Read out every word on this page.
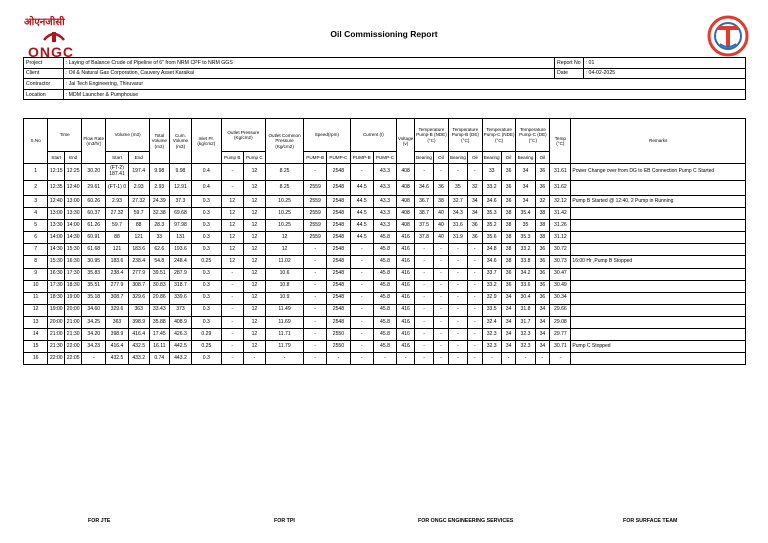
ओएनजीसी
ONGC
Oil Commissioning Report
Project	: Laying of Balance Crude oil Pipeline of 6" from NRM CPF to NRM GGS	Report No	: 01
Client	: Oil & Natural Gas Corporation, Cauvery Asset Karaikal	Date	: 04-02-2025
Contractor	: Jai Tech Engineering, Thiruvarur		
Location	: MDM Launcher & Pumphouse		
S.No	Time		Flow Rate (m3/hr)	Volume (m3)		Total Volume (m3)	Cum. Volume (m3)	Inlet Pr. (kg/cm2)	Outlet Pressure (Kg/cm2)		Outlet Common Pressure (Kg/cm2)	Speed(rpm)		Current (I)		Voltage (v)	Temperature Pump-B (NDE) (°C)		Temperature Pump-B (DE) (°C)		Temperature Pump-C (NDE) (°C)		Temperature Pump-C (DE) (°C)		Temp (°C)	Remarks
	Start	End		Start	End				Pump B	Pump C		PUMP-B	PUMP-C	PUMP-B	PUMP-C		Bearing	Oil	Bearing	Oil	Bearing	Oil	Bearing	Oil		
1	12:15	12:25	30.20	(FT-2) 187.41	197.4	9.98	9.98	0.4	-	12	8.25	-	2548	-	43.3	408	-	-	-	-	33	36	34	36	31.61	Power Change over from DG to EB Connection Pump C Started
2	12:35	12:40	29.61	(FT-1) 0	2.93	2.93	12.91	0.4	-	12	8.25	2559	2548	44.5	43.3	408	34.6	36	35	32	33.2	36	34	36	31.62	
3	12:40	13:00	60.26	2.93	27.32	24.39	37.3	0.3	12	12	10.25	2559	2548	44.5	43.3	408	36.7	38	32.7	34	34.6	36	34	32	32.12	Pump B Started @ 12:40, 2 Pump in Running
4	13:00	13:30	60.37	27.32	59.7	32.38	69.68	0.3	12	12	10.25	2559	2548	44.5	43.3	408	38.7	40	34.3	34	35.3	38	35.4	38	31.42	
5	13:30	14:00	61.26	59.7	88	28.3	97.98	0.3	12	12	10.25	2559	2548	44.5	43.3	408	37.5	40	31.6	36	35.2	38	35	38	31.26	
6	14:00	14:30	60.91	88	121	33	131	0.3	12	12	12	2559	2548	44.5	45.8	416	37.8	40	31.9	36	35.6	38	35.3	38	31.12	
7	14:30	15:30	61.68	121	183.6	62.6	193.6	0.3	12	12	12	-	2548	-	45.8	416	-	-	-	-	34.8	38	33.2	36	30.72	
8	15:30	16:30	30.95	183.6	238.4	54.8	248.4	0.25	12	12	11.02	-	2548	-	45.8	416	-	-	-	-	34.6	38	33.8	36	30.73	16:00 Hr ,Pump B Stopped
9	16:30	17:30	35.83	238.4	277.9	39.51	287.9	0.3	-	12	10.6	-	2548	-	45.8	416	-	-	-	-	33.7	36	34.2	36	30.47	
10	17:30	18:30	35.51	277.9	308.7	30.83	318.7	0.3	-	12	10.8	-	2548	-	45.8	416	-	-	-	-	33.2	36	33.6	36	30.49	
11	18:30	19:00	35.18	308.7	329.6	20.86	339.6	0.3	-	12	10.9	-	2548	-	45.8	416	-	-	-	-	32.9	34	30.4	36	30.34	
12	19:00	20:00	34.60	329.6	363	33.43	373	0.3	-	12	11.49	-	2548	-	45.8	416	-	-	-	-	33.5	34	31.8	34	29.66	
13	20:00	21:00	34.25	363	398.9	35.88	408.9	0.3	-	12	11.69	-	2548	-	45.8	416	-	-	-	-	32.4	34	31.7	34	29.08	
14	21:00	21:30	34.20	398.9	416.4	17.45	426.3	0.29	-	12	11.71	-	2550	-	45.8	416	-	-	-	-	32.3	34	32.3	34	29.77	
15	21:30	22:00	34.23	416.4	432.5	16.11	442.5	0.25	-	12	11.79	-	2550	-	45.8	416	-	-	-	-	32.3	34	32.3	34	30.71	Pump C Stopped
16	22:00	22:05	-	432.5	433.2	0.74	443.2	0.3	-	-	-	-	-	-	-	-	-	-	-	-	-	-	-	-	-	
FOR JTE	FOR TPI	FOR ONGC ENGINEERING SERVICES	FOR SURFACE TEAM
